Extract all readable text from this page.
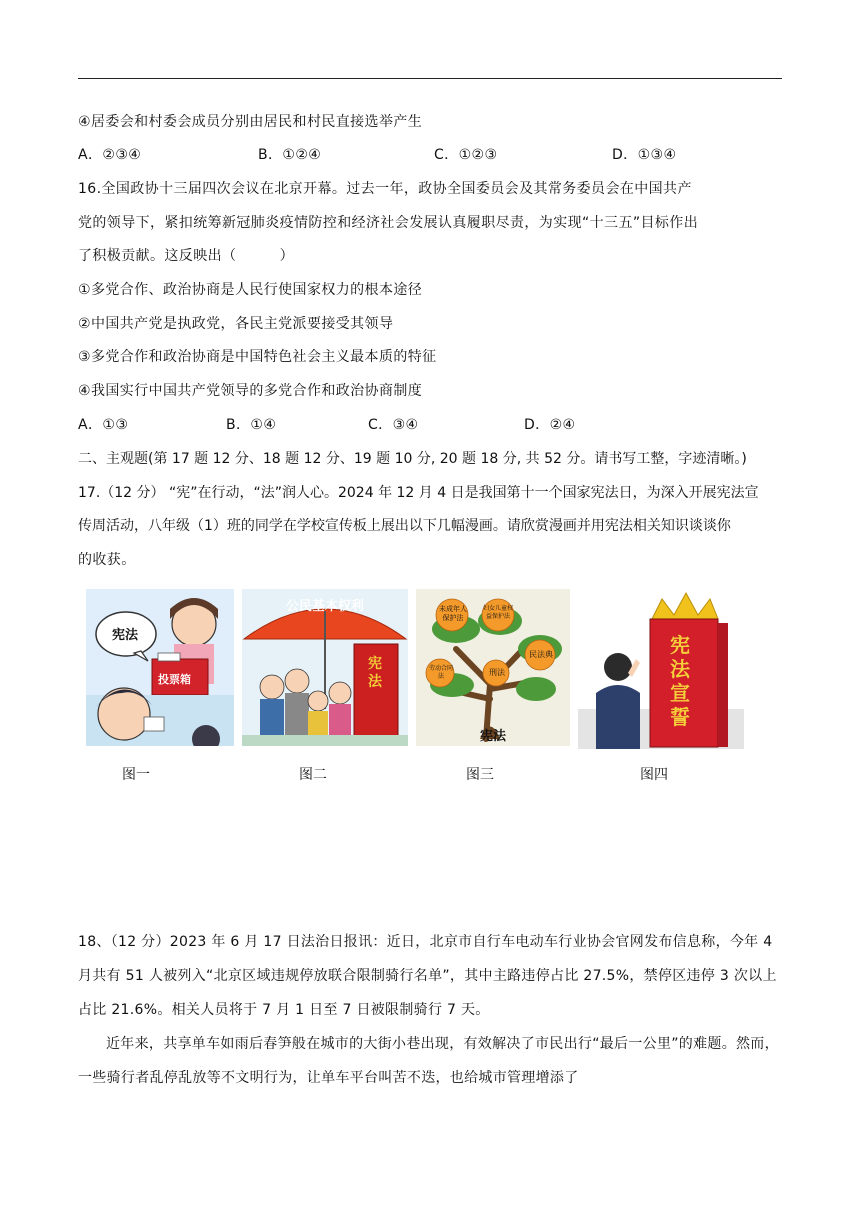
④居委会和村委会成员分别由居民和村民直接选举产生
A．②③④	B．①②④	C．①②③	D．①③④
16.全国政协十三届四次会议在北京开幕。过去一年，政协全国委员会及其常务委员会在中国共产
党的领导下，紧扣统筹新冠肺炎疫情防控和经济社会发展认真履职尽责，为实现“十三五”目标作出
了积极贡献。这反映出（　　　）
①多党合作、政治协商是人民行使国家权力的根本途径
②中国共产党是执政党，各民主党派要接受其领导
③多党合作和政治协商是中国特色社会主义最本质的特征
④我国实行中国共产党领导的多党合作和政治协商制度
A．①③	B．①④	C．③④	D．②④
二、主观题(第 17 题 12 分、18 题 12 分、19 题 10 分, 20 题 18 分, 共 52 分。请书写工整，字迹清晰。)
17.（12 分） “宪”在行动，“法”润人心。2024 年 12 月 4 日是我国第十一个国家宪法日，为深入开展宪法宣
传周活动，八年级（1）班的同学在学校宣传板上展出以下几幅漫画。请欣赏漫画并用宪法相关知识谈谈你
的收获。
宪法
投票箱
公民基本权利
宪法
未成年人保护法
妇女儿童权益保护法
民法典
刑法
劳动合同法
宪法
宪法宣誓
图一	图二	图三	图四
18、（12 分）2023 年 6 月 17 日法治日报讯：近日，北京市自行车电动车行业协会官网发布信息称，今年 4 月共有 51 人被列入“北京区域违规停放联合限制骑行名单”，其中主路违停占比 27.5%，禁停区违停 3 次以上占比 21.6%。相关人员将于 7 月 1 日至 7 日被限制骑行 7 天。
近年来，共享单车如雨后春笋般在城市的大街小巷出现，有效解决了市民出行“最后一公里”的难题。然而，一些骑行者乱停乱放等不文明行为，让单车平台叫苦不迭，也给城市管理增添了
